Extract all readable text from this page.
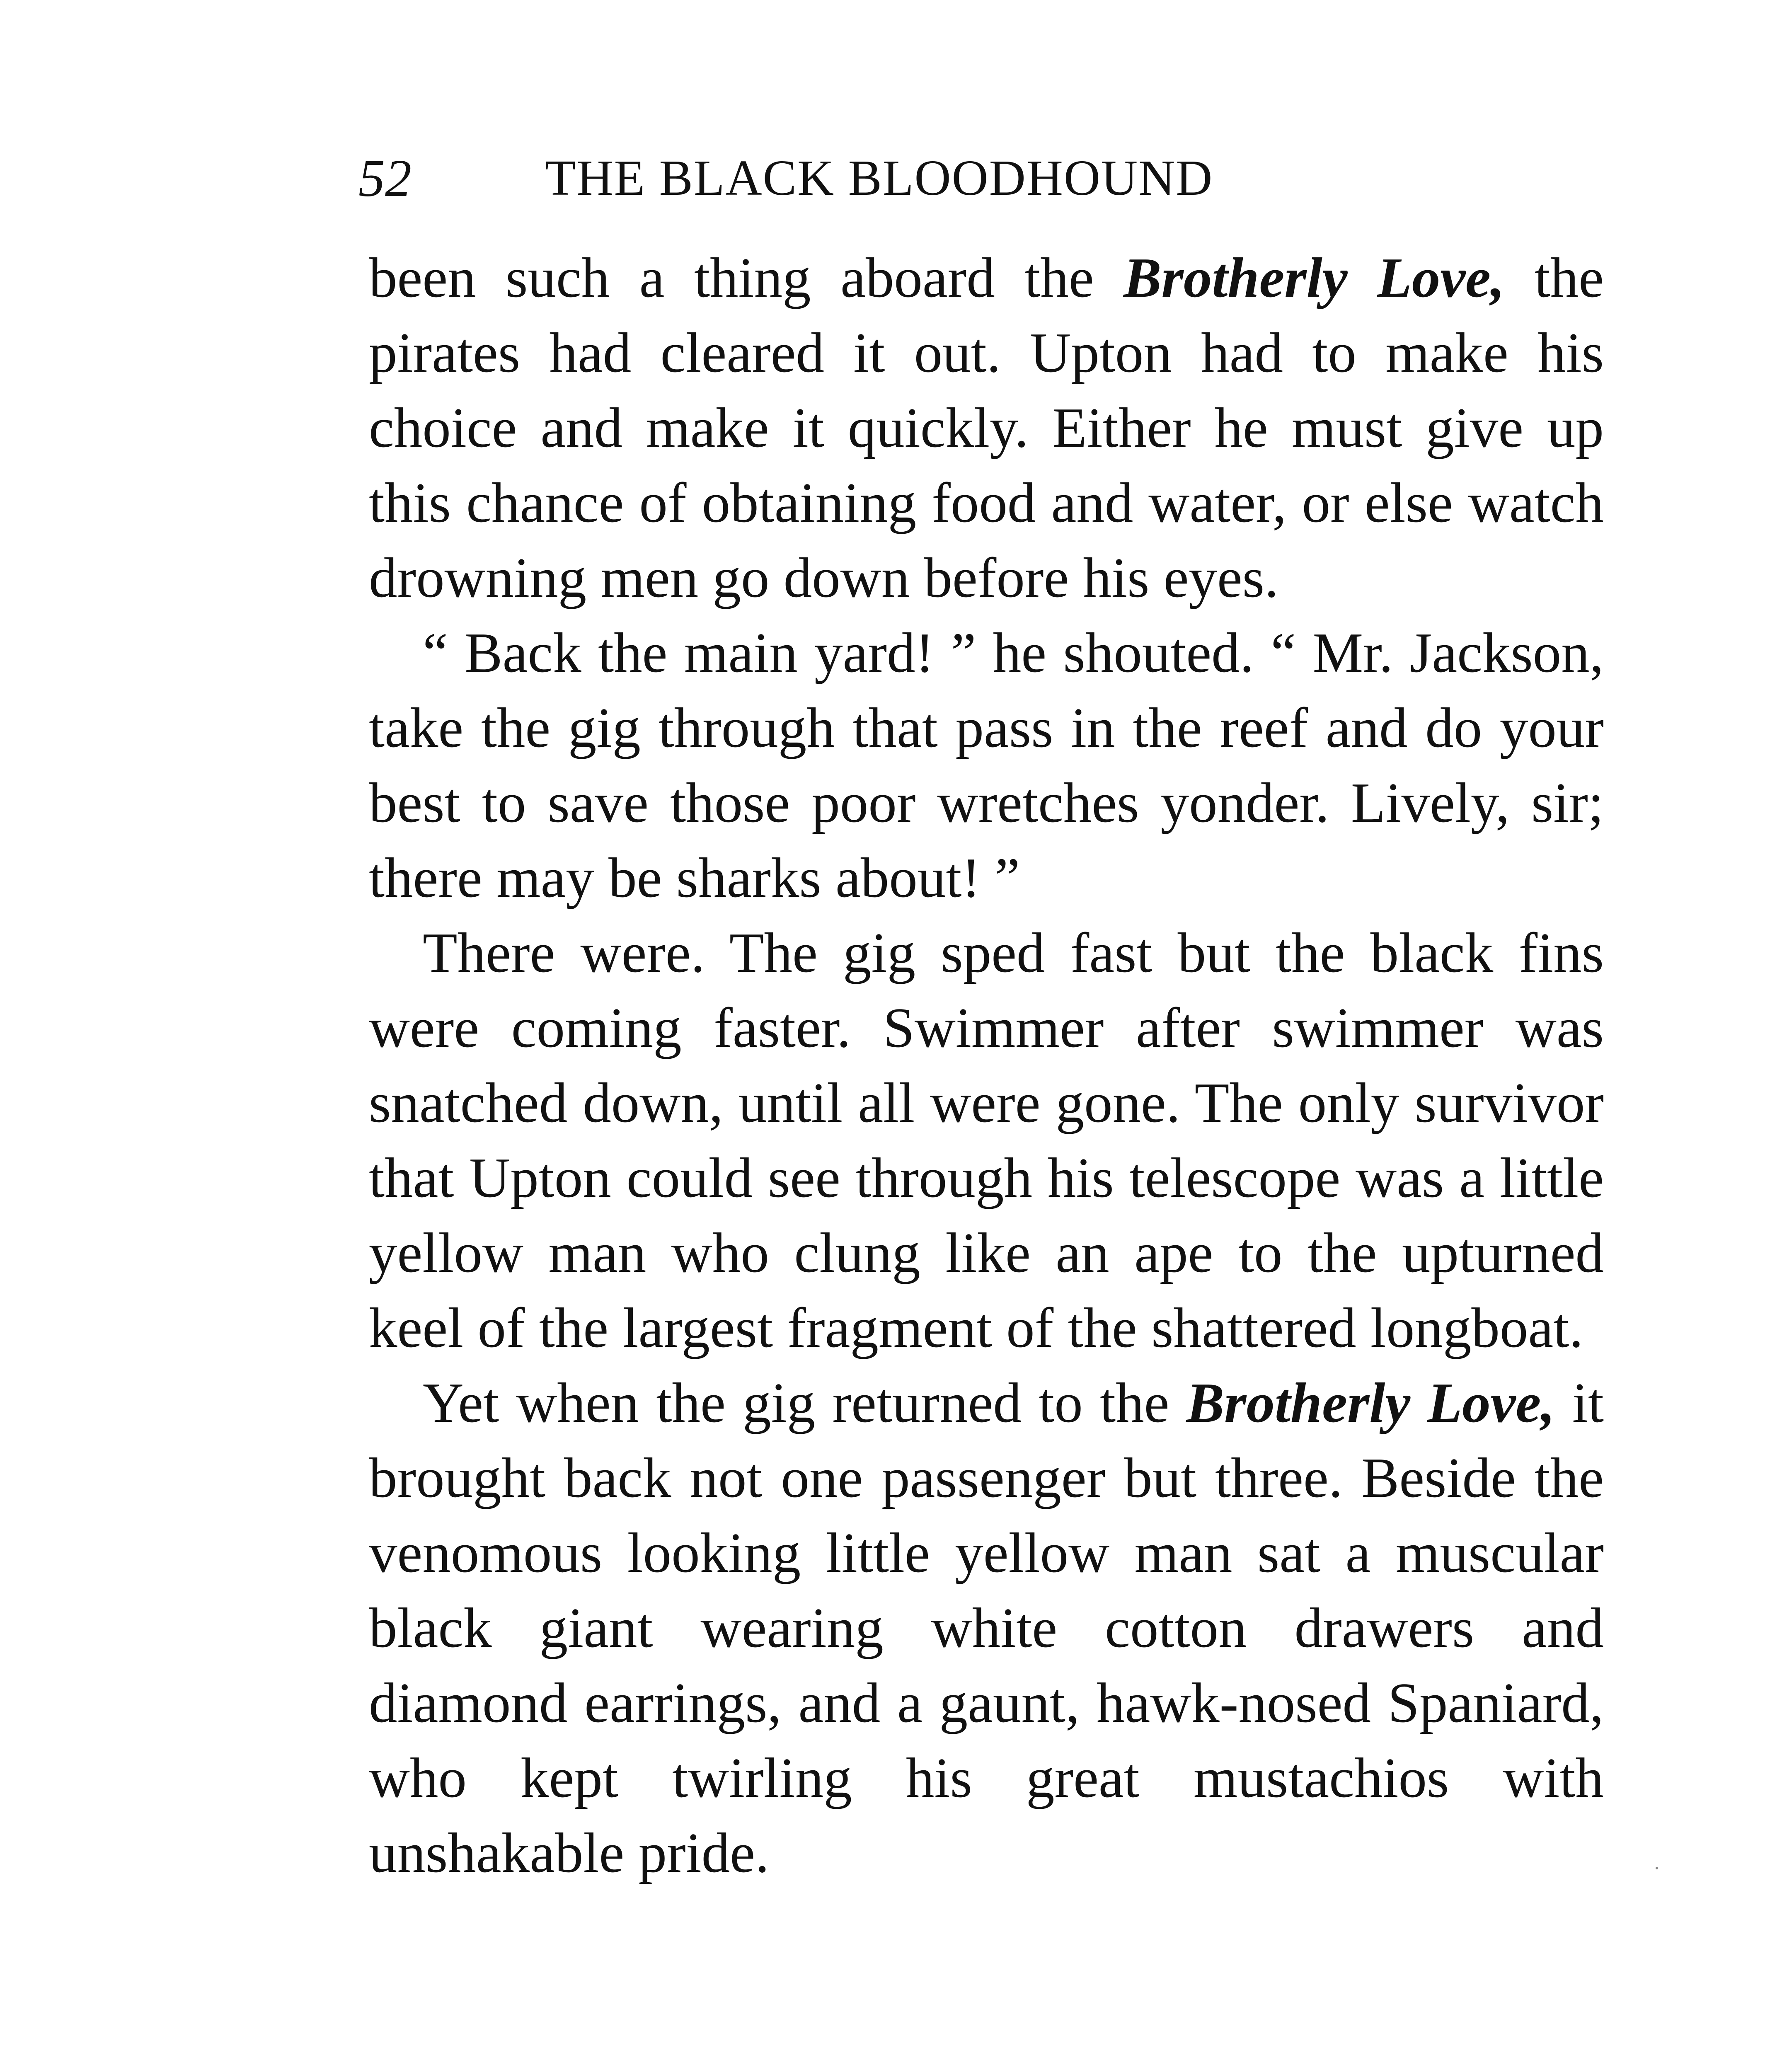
52	THE BLACK BLOODHOUND

been such a thing aboard the Brotherly Love, the pirates had cleared it out. Upton had to make his choice and make it quickly. Either he must give up this chance of obtaining food and water, or else watch drowning men go down before his eyes.

“ Back the main yard! ” he shouted. “ Mr. Jackson, take the gig through that pass in the reef and do your best to save those poor wretches yonder. Lively, sir; there may be sharks about! ”

There were. The gig sped fast but the black fins were coming faster. Swimmer after swimmer was snatched down, until all were gone. The only survivor that Upton could see through his telescope was a little yellow man who clung like an ape to the upturned keel of the largest fragment of the shattered longboat.

Yet when the gig returned to the Brotherly Love, it brought back not one passenger but three. Beside the venomous looking little yellow man sat a muscular black giant wearing white cotton drawers and diamond earrings, and a gaunt, hawk-nosed Spaniard, who kept twirling his great mustachios with unshakable pride.
